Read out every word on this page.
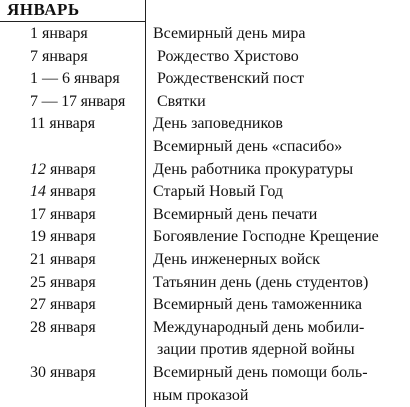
ЯНВАРЬ
1 января	Всемирный день мира
7 января	Рождество Христово
1 — 6 января Рождественский пост
7 — 17 января Святки
11 января	День заповедников
Всемирный день «спасибо»
12 января	День работника прокуратуры
14 января	Старый Новый Год
17 января	Всемирный день печати
19 января	Богоявление Господне Крещение
21 января	День инженерных войск
25 января	Татьянин день (день студентов)
27 января	Всемирный день таможенника
28 января	Международный день мобили-
зации против ядерной войны
30 января	Всемирный день помощи боль-
ным проказой
